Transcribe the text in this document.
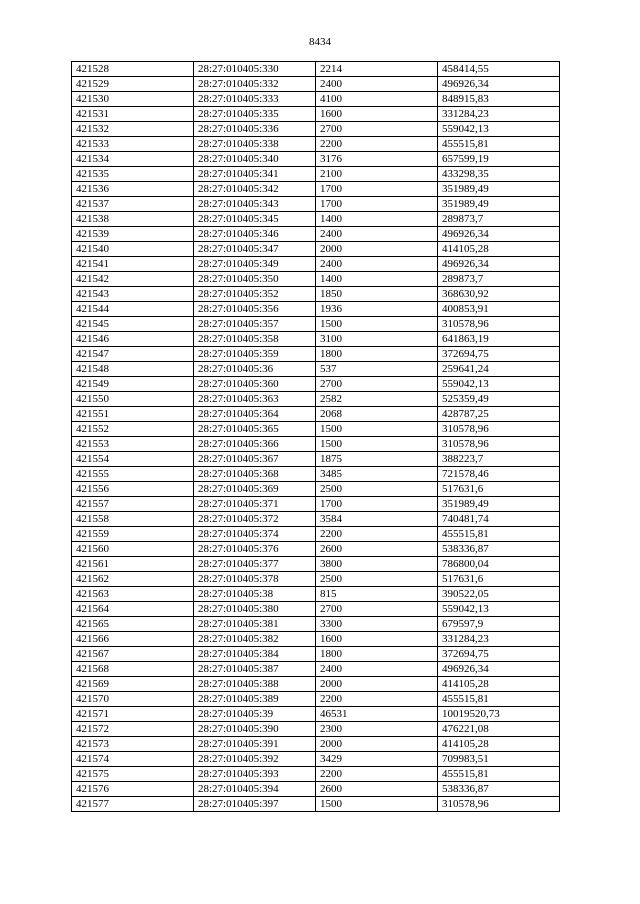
8434
421528	28:27:010405:330	2214	458414,55
421529	28:27:010405:332	2400	496926,34
421530	28:27:010405:333	4100	848915,83
421531	28:27:010405:335	1600	331284,23
421532	28:27:010405:336	2700	559042,13
421533	28:27:010405:338	2200	455515,81
421534	28:27:010405:340	3176	657599,19
421535	28:27:010405:341	2100	433298,35
421536	28:27:010405:342	1700	351989,49
421537	28:27:010405:343	1700	351989,49
421538	28:27:010405:345	1400	289873,7
421539	28:27:010405:346	2400	496926,34
421540	28:27:010405:347	2000	414105,28
421541	28:27:010405:349	2400	496926,34
421542	28:27:010405:350	1400	289873,7
421543	28:27:010405:352	1850	368630,92
421544	28:27:010405:356	1936	400853,91
421545	28:27:010405:357	1500	310578,96
421546	28:27:010405:358	3100	641863,19
421547	28:27:010405:359	1800	372694,75
421548	28:27:010405:36	537	259641,24
421549	28:27:010405:360	2700	559042,13
421550	28:27:010405:363	2582	525359,49
421551	28:27:010405:364	2068	428787,25
421552	28:27:010405:365	1500	310578,96
421553	28:27:010405:366	1500	310578,96
421554	28:27:010405:367	1875	388223,7
421555	28:27:010405:368	3485	721578,46
421556	28:27:010405:369	2500	517631,6
421557	28:27:010405:371	1700	351989,49
421558	28:27:010405:372	3584	740481,74
421559	28:27:010405:374	2200	455515,81
421560	28:27:010405:376	2600	538336,87
421561	28:27:010405:377	3800	786800,04
421562	28:27:010405:378	2500	517631,6
421563	28:27:010405:38	815	390522,05
421564	28:27:010405:380	2700	559042,13
421565	28:27:010405:381	3300	679597,9
421566	28:27:010405:382	1600	331284,23
421567	28:27:010405:384	1800	372694,75
421568	28:27:010405:387	2400	496926,34
421569	28:27:010405:388	2000	414105,28
421570	28:27:010405:389	2200	455515,81
421571	28:27:010405:39	46531	10019520,73
421572	28:27:010405:390	2300	476221,08
421573	28:27:010405:391	2000	414105,28
421574	28:27:010405:392	3429	709983,51
421575	28:27:010405:393	2200	455515,81
421576	28:27:010405:394	2600	538336,87
421577	28:27:010405:397	1500	310578,96
